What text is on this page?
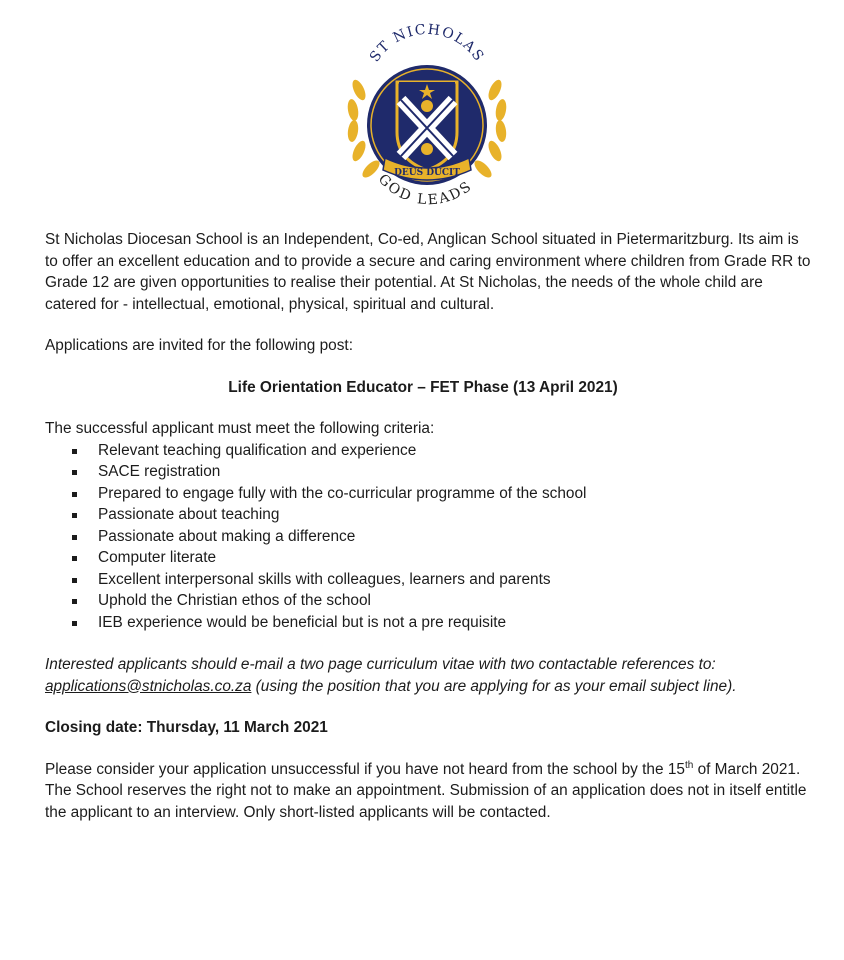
DEUS DUCIT
ST NICHOLAS
GOD LEADS

St Nicholas Diocesan School is an Independent, Co-ed, Anglican School situated in Pietermaritzburg. Its aim is to offer an excellent education and to provide a secure and caring environment where children from Grade RR to Grade 12 are given opportunities to realise their potential. At St Nicholas, the needs of the whole child are catered for - intellectual, emotional, physical, spiritual and cultural.

Applications are invited for the following post:

Life Orientation Educator – FET Phase (13 April 2021)

The successful applicant must meet the following criteria:

Relevant teaching qualification and experience
SACE registration
Prepared to engage fully with the co-curricular programme of the school
Passionate about teaching
Passionate about making a difference
Computer literate
Excellent interpersonal skills with colleagues, learners and parents
Uphold the Christian ethos of the school
IEB experience would be beneficial but is not a pre requisite

Interested applicants should e-mail a two page curriculum vitae with two contactable references to: applications@stnicholas.co.za (using the position that you are applying for as your email subject line).

Closing date: Thursday, 11 March 2021

Please consider your application unsuccessful if you have not heard from the school by the 15th of March 2021. The School reserves the right not to make an appointment. Submission of an application does not in itself entitle the applicant to an interview. Only short-listed applicants will be contacted.
